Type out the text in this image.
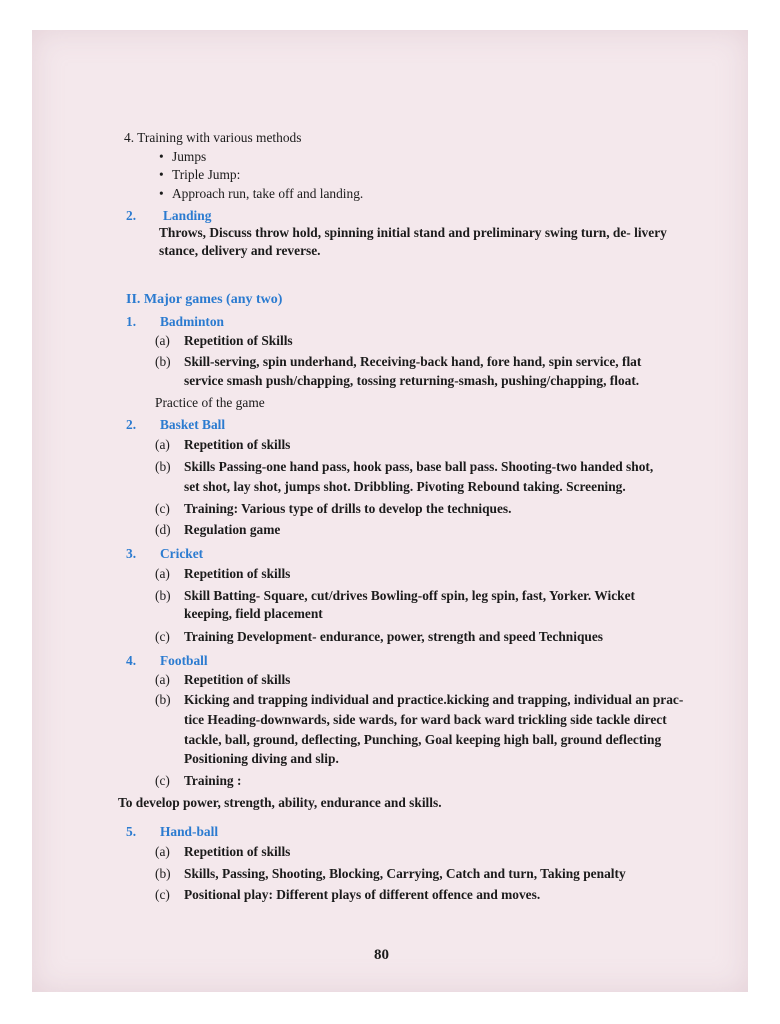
4. Training with various methods
• Jumps
• Triple Jump:
• Approach run, take off and landing.
2. Landing
Throws, Discuss throw hold, spinning initial stand and preliminary swing turn, de- livery
stance, delivery and reverse.
II. Major games (any two)
1. Badminton
(a) Repetition of Skills
(b) Skill-serving, spin underhand, Receiving-back hand, fore hand, spin service, flat
service smash push/chapping, tossing returning-smash, pushing/chapping, float.
Practice of the game
2. Basket Ball
(a) Repetition of skills
(b) Skills Passing-one hand pass, hook pass, base ball pass. Shooting-two handed shot,
set shot, lay shot, jumps shot. Dribbling. Pivoting Rebound taking. Screening.
(c) Training: Various type of drills to develop the techniques.
(d) Regulation game
3. Cricket
(a) Repetition of skills
(b) Skill Batting- Square, cut/drives Bowling-off spin, leg spin, fast, Yorker. Wicket
keeping, field placement
(c) Training Development- endurance, power, strength and speed Techniques
4. Football
(a) Repetition of skills
(b) Kicking and trapping individual and practice.kicking and trapping, individual an prac-
tice Heading-downwards, side wards, for ward back ward trickling side tackle direct
tackle, ball, ground, deflecting, Punching, Goal keeping high ball, ground deflecting
Positioning diving and slip.
(c) Training :
To develop power, strength, ability, endurance and skills.
5. Hand-ball
(a) Repetition of skills
(b) Skills, Passing, Shooting, Blocking, Carrying, Catch and turn, Taking penalty
(c) Positional play: Different plays of different offence and moves.
80
